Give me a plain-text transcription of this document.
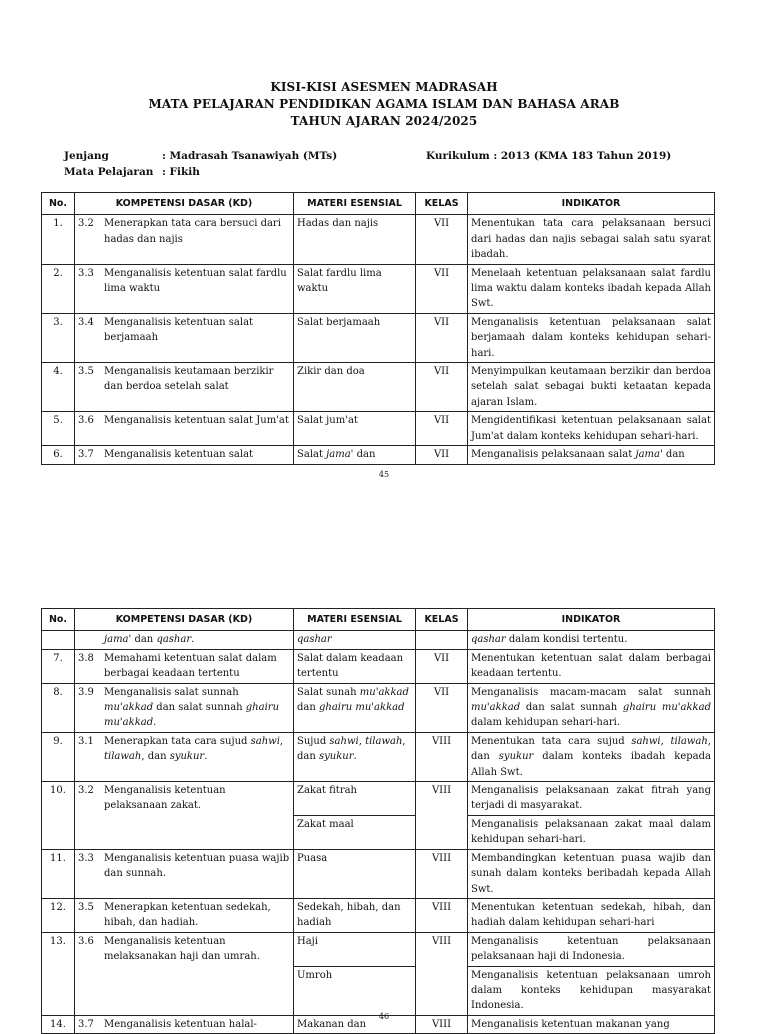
KISI-KISI ASESMEN MADRASAH
MATA PELAJARAN PENDIDIKAN AGAMA ISLAM DAN BAHASA ARAB
TAHUN AJARAN 2024/2025
Jenjang	: Madrasah Tsanawiyah (MTs)	Kurikulum : 2013 (KMA 183 Tahun 2019)
Mata Pelajaran : Fikih
No.	KOMPETENSI DASAR (KD)	MATERI ESENSIAL	KELAS	INDIKATOR
1.	3.2 Menerapkan tata cara bersuci dari hadas dan najis	Hadas dan najis	VII	Menentukan tata cara pelaksanaan bersuci dari hadas dan najis sebagai salah satu syarat ibadah.
2.	3.3 Menganalisis ketentuan salat fardlu lima waktu	Salat fardlu lima waktu	VII	Menelaah ketentuan pelaksanaan salat fardlu lima waktu dalam konteks ibadah kepada Allah Swt.
3.	3.4 Menganalisis ketentuan salat berjamaah	Salat berjamaah	VII	Menganalisis ketentuan pelaksanaan salat berjamaah dalam konteks kehidupan sehari-hari.
4.	3.5 Menganalisis keutamaan berzikir dan berdoa setelah salat	Zikir dan doa	VII	Menyimpulkan keutamaan berzikir dan berdoa setelah salat sebagai bukti ketaatan kepada ajaran Islam.
5.	3.6 Menganalisis ketentuan salat Jum'at	Salat jum'at	VII	Mengidentifikasi ketentuan pelaksanaan salat Jum'at dalam konteks kehidupan sehari-hari.
6.	3.7 Menganalisis ketentuan salat	Salat jama' dan	VII	Menganalisis pelaksanaan salat jama' dan
45
No.	KOMPETENSI DASAR (KD)	MATERI ESENSIAL	KELAS	INDIKATOR

	jama' dan qashar.	qashar		qashar dalam kondisi tertentu.
7.	3.8 Memahami ketentuan salat dalam berbagai keadaan tertentu	Salat dalam keadaan tertentu	VII	Menentukan ketentuan salat dalam berbagai keadaan tertentu.
8.	3.9 Menganalisis salat sunnah mu'akkad dan salat sunnah ghairu mu'akkad.	Salat sunah mu'akkad dan ghairu mu'akkad	VII	Menganalisis macam-macam salat sunnah mu'akkad dan salat sunnah ghairu mu'akkad dalam kehidupan sehari-hari.
9.	3.1 Menerapkan tata cara sujud sahwi, tilawah, dan syukur.	Sujud sahwi, tilawah, dan syukur.	VIII	Menentukan tata cara sujud sahwi, tilawah, dan syukur dalam konteks ibadah kepada Allah Swt.
10.	3.2 Menganalisis ketentuan pelaksanaan zakat.	Zakat fitrah	VIII	Menganalisis pelaksanaan zakat fitrah yang terjadi di masyarakat.
		Zakat maal		Menganalisis pelaksanaan zakat maal dalam kehidupan sehari-hari.
11.	3.3 Menganalisis ketentuan puasa wajib dan sunnah.	Puasa	VIII	Membandingkan ketentuan puasa wajib dan sunah dalam konteks beribadah kepada Allah Swt.
12.	3.5 Menerapkan ketentuan sedekah, hibah, dan hadiah.	Sedekah, hibah, dan hadiah	VIII	Menentukan ketentuan sedekah, hibah, dan hadiah dalam kehidupan sehari-hari
13.	3.6 Menganalisis ketentuan melaksanakan haji dan umrah.	Haji	VIII	Menganalisis ketentuan pelaksanaan pelaksanaan haji di Indonesia.
		Umroh		Menganalisis ketentuan pelaksanaan umroh dalam konteks kehidupan masyarakat Indonesia.
14.	3.7 Menganalisis ketentuan halal-	Makanan dan	VIII	Menganalisis ketentuan makanan yang
46
